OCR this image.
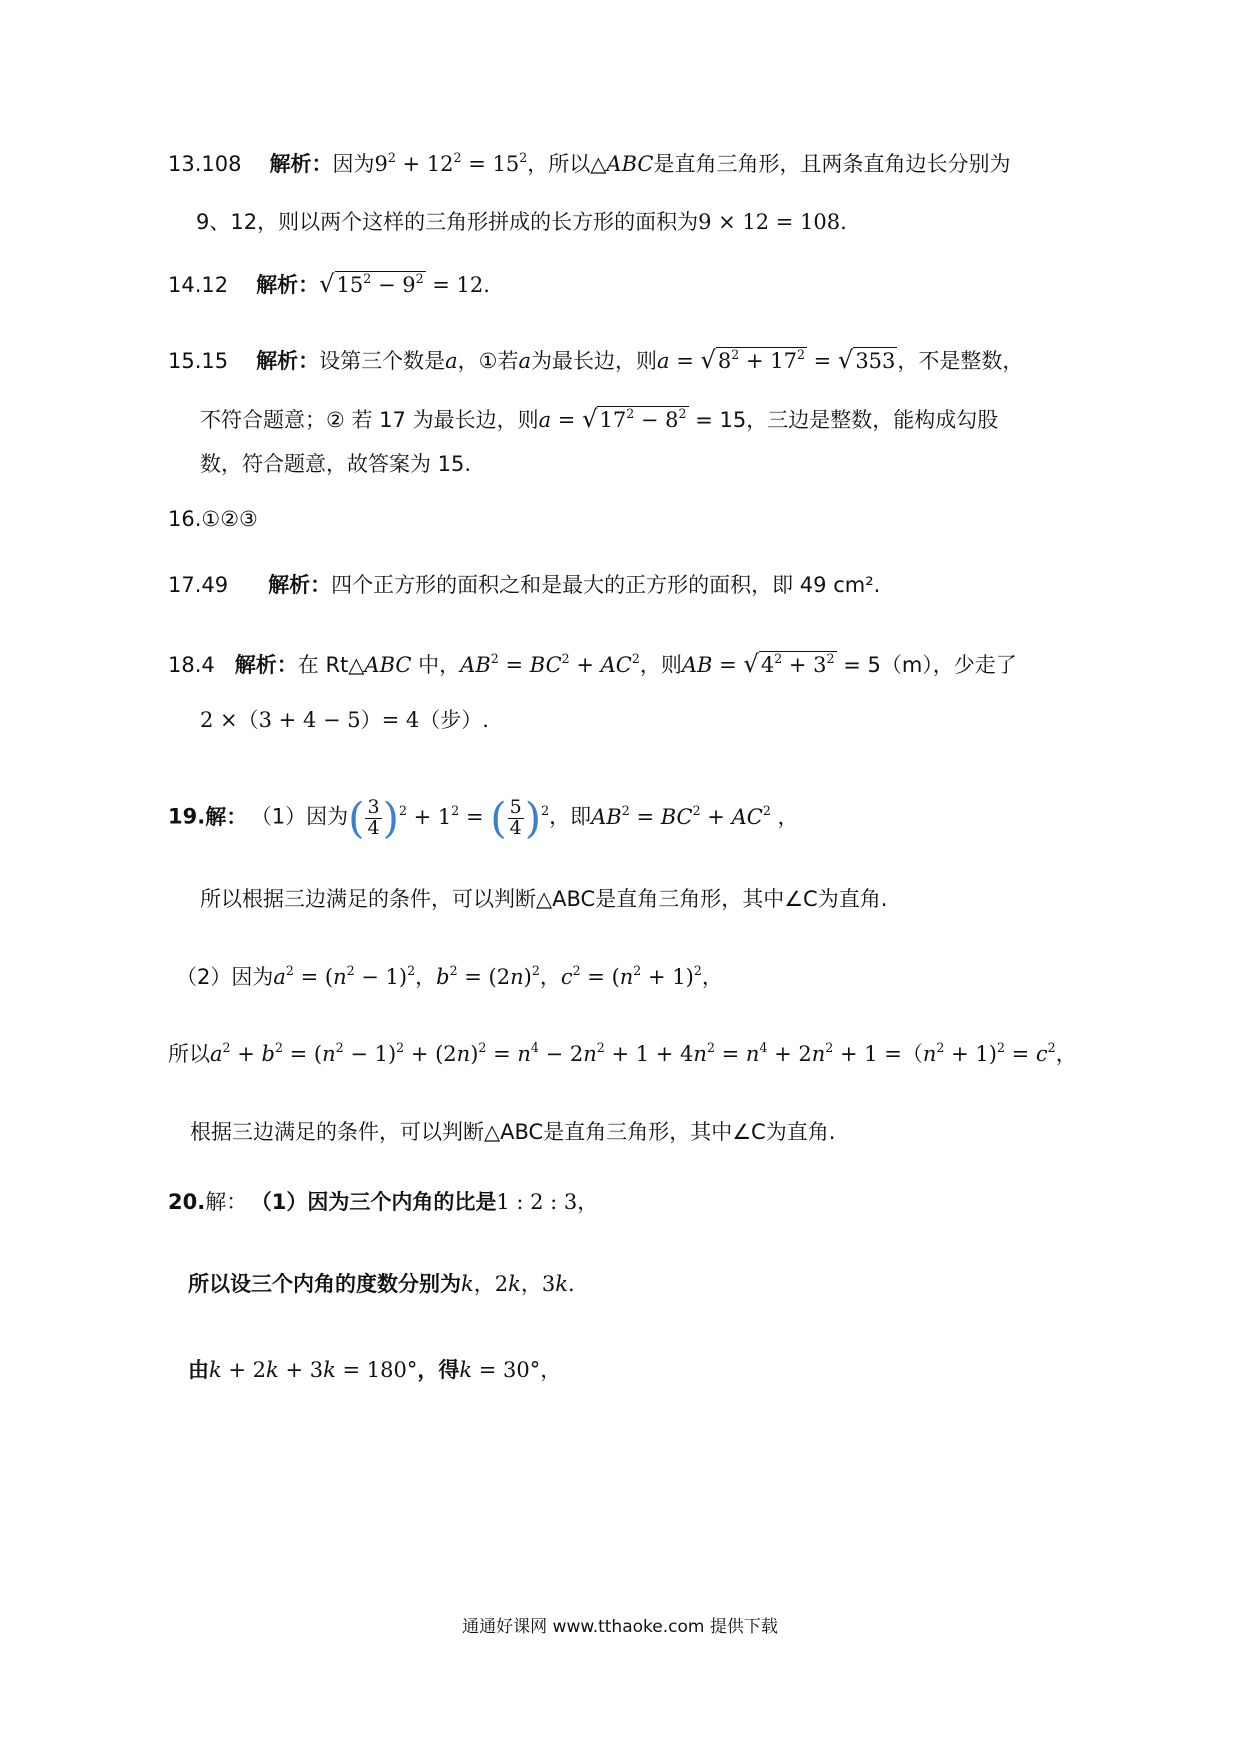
13.108 解析：因为$9^2 + 12^2 = 15^2$，所以△ABC是直角三角形，且两条直角边长分别为
9、12，则以两个这样的三角形拼成的长方形的面积为9 × 12 = 108.
14.12 解析：$√15^2 - 9^2 = 12$.
15.15 解析：设第三个数是a，①若a为最长边，则$a = √8^2 + 17^2 = √353$，不是整数，
不符合题意；② 若 17 为最长边，则$a = √17^2 - 8^2 = 15$，三边是整数，能构成勾股
数，符合题意，故答案为 15.
16.①②③
17.49 解析：四个正方形的面积之和是最大的正方形的面积，即 49 cm².
18.4 解析：在 Rt△ABC 中，$AB^2 = BC^2 + AC^2$，则AB = $√4^2 + 3^2 = 5(m)$，少走了
2 ×（3 + 4 − 5）= 4（步）.
19.解： （1）因为( $\frac{3}{4} )^2 + 1^2$ = ( $\frac{5}{4} )^2$，即$AB^2 = BC^2 + AC^2$ ，
所以根据三边满足的条件，可以判断△ABC是直角三角形，其中∠C为直角.
（2）因为$a^2 = (n^2 - 1)^2$，$b^2 = (2n)^2$，$c^2 = (n^2 + 1)^2$，
所以$a^2 + b^2 = (n^2 - 1)^2 + (2n)^2 = n^4 - 2n^2 + 1 + 4n^2 = n^4 + 2n^2 + 1 =(n^2 + 1)^2 = c^2$，
根据三边满足的条件，可以判断△ABC是直角三角形，其中∠C为直角.
20.解： （1）因为三个内角的比是1 : 2 : 3，
所以设三个内角的度数分别为k，2k，3k.
由k + 2k + 3k = 180°，得k = 30°，
通通好课网 www.tthaoke.com 提供下载
